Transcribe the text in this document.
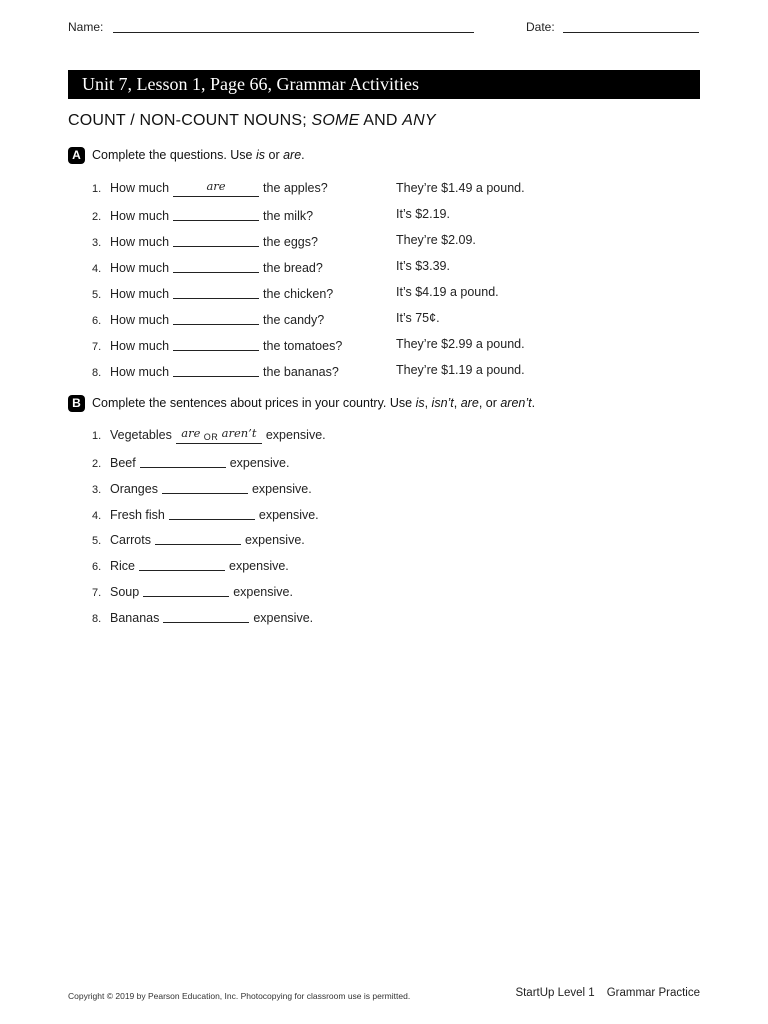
Name:	Date:
Unit 7, Lesson 1, Page 66, Grammar Activities
COUNT / NON-COUNT NOUNS; SOME AND ANY
A Complete the questions. Use is or are.
1. How much	are	the apples?	They’re $1.49 a pound.
2. How much	the milk?	It’s $2.19.
3. How much	the eggs?	They’re $2.09.
4. How much	the bread?	It’s $3.39.
5. How much	the chicken?	It’s $4.19 a pound.
6. How much	the candy?	It’s 75¢.
7. How much	the tomatoes?	They’re $2.99 a pound.
8. How much	the bananas?	They’re $1.19 a pound.
B Complete the sentences about prices in your country. Use is, isn’t, are, or aren’t.
1. Vegetables are OR aren’t expensive.
2. Beef	expensive.
3. Oranges	expensive.
4. Fresh fish	expensive.
5. Carrots	expensive.
6. Rice	expensive.
7. Soup	expensive.
8. Bananas	expensive.
Copyright © 2019 by Pearson Education, Inc. Photocopying for classroom use is permitted.	StartUp Level 1 Grammar Practice
